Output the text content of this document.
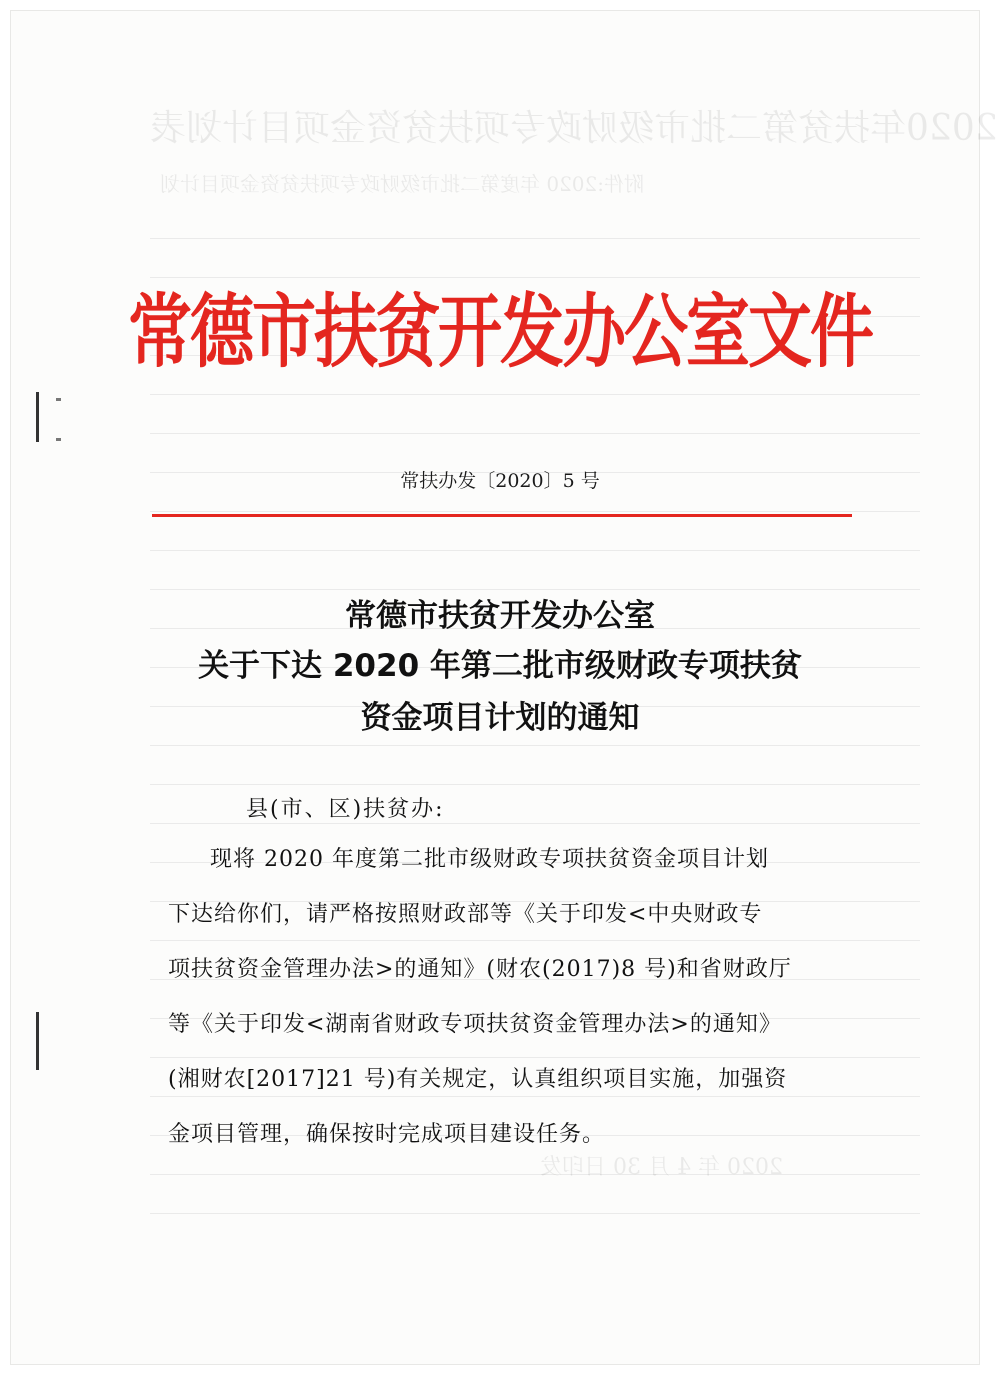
2020年扶贫第二批市级财政专项扶贫资金项目计划表
附件:2020 年度第二批市级财政专项扶贫资金项目计划
2020 年 4 月 30 日印发
常德市扶贫开发办公室文件
常扶办发〔2020〕5 号
常德市扶贫开发办公室
关于下达 2020 年第二批市级财政专项扶贫
资金项目计划的通知
县(市、区)扶贫办:
现将 2020 年度第二批市级财政专项扶贫资金项目计划
下达给你们，请严格按照财政部等《关于印发<中央财政专
项扶贫资金管理办法>的通知》(财农(2017)8 号)和省财政厅
等《关于印发<湖南省财政专项扶贫资金管理办法>的通知》
(湘财农[2017]21 号)有关规定，认真组织项目实施，加强资
金项目管理，确保按时完成项目建设任务。
